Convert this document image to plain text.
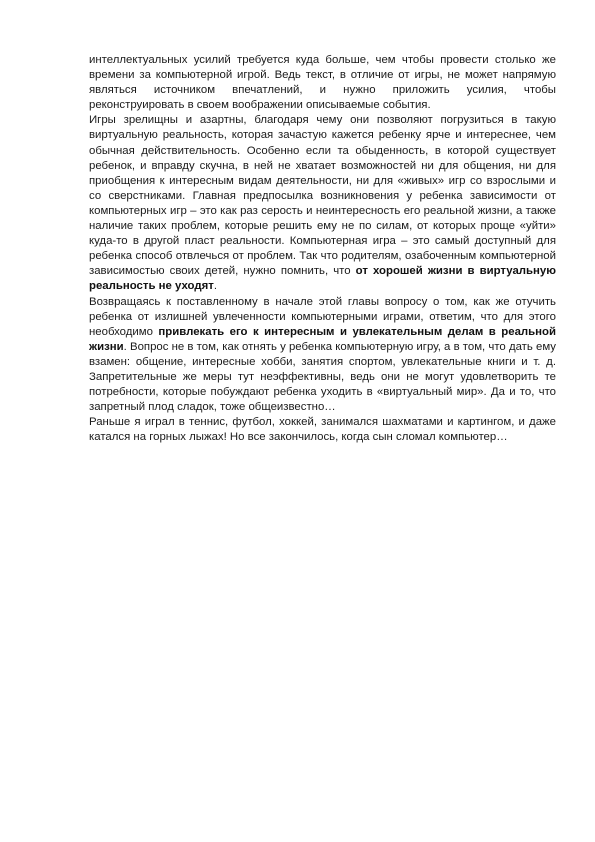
интеллектуальных усилий требуется куда больше, чем чтобы провести столько же времени за компьютерной игрой. Ведь текст, в отличие от игры, не может напрямую являться источником впечатлений, и нужно приложить усилия, чтобы реконструировать в своем воображении описываемые события.

Игры зрелищны и азартны, благодаря чему они позволяют погрузиться в такую виртуальную реальность, которая зачастую кажется ребенку ярче и интереснее, чем обычная действительность. Особенно если та обыденность, в которой существует ребенок, и вправду скучна, в ней не хватает возможностей ни для общения, ни для приобщения к интересным видам деятельности, ни для «живых» игр со взрослыми и со сверстниками. Главная предпосылка возникновения у ребенка зависимости от компьютерных игр – это как раз серость и неинтересность его реальной жизни, а также наличие таких проблем, которые решить ему не по силам, от которых проще «уйти» куда-то в другой пласт реальности. Компьютерная игра – это самый доступный для ребенка способ отвлечься от проблем. Так что родителям, озабоченным компьютерной зависимостью своих детей, нужно помнить, что от хорошей жизни в виртуальную реальность не уходят.

Возвращаясь к поставленному в начале этой главы вопросу о том, как же отучить ребенка от излишней увлеченности компьютерными играми, ответим, что для этого необходимо привлекать его к интересным и увлекательным делам в реальной жизни. Вопрос не в том, как отнять у ребенка компьютерную игру, а в том, что дать ему взамен: общение, интересные хобби, занятия спортом, увлекательные книги и т. д. Запретительные же меры тут неэффективны, ведь они не могут удовлетворить те потребности, которые побуждают ребенка уходить в «виртуальный мир». Да и то, что запретный плод сладок, тоже общеизвестно…

Раньше я играл в теннис, футбол, хоккей, занимался шахматами и картингом, и даже катался на горных лыжах! Но все закончилось, когда сын сломал компьютер…
